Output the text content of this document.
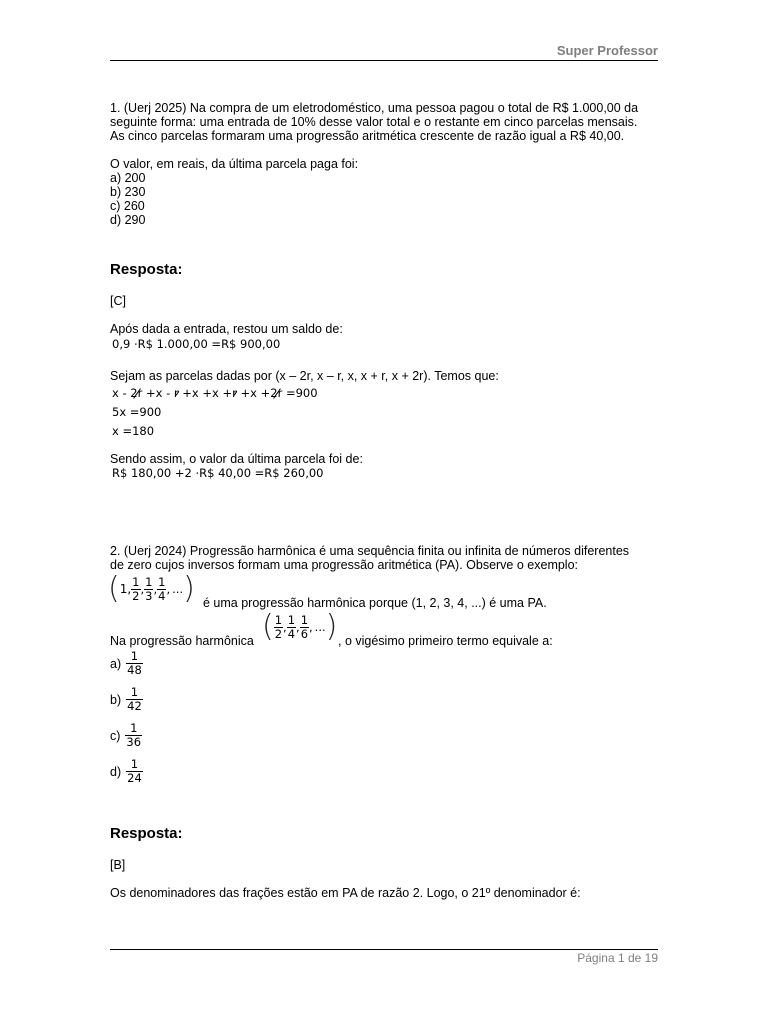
Super Professor
1. (Uerj 2025) Na compra de um eletrodoméstico, uma pessoa pagou o total de R$ 1.000,00 da
seguinte forma: uma entrada de 10% desse valor total e o restante em cinco parcelas mensais.
As cinco parcelas formaram uma progressão aritmética crescente de razão igual a R$ 40,00.
O valor, em reais, da última parcela paga foi:
a) 200
b) 230
c) 260
d) 290
Resposta:
[C]
Após dada a entrada, restou um saldo de:
0,9 ⋅R$ 1.000,00 =R$ 900,00
Sejam as parcelas dadas por (x – 2r, x – r, x, x + r, x + 2r). Temos que:
x - 2r +x - r +x +x +r +x +2r =900
5x =900
x =180
Sendo assim, o valor da última parcela foi de:
R$ 180,00 +2 ⋅R$ 40,00 =R$ 260,00
2. (Uerj 2024) Progressão harmônica é uma sequência finita ou infinita de números diferentes
de zero cujos inversos formam uma progressão aritmética (PA). Observe o exemplo:
( 1, $\frac{1}{2}$ , $\frac{1}{3}$ , $\frac{1}{4}$ , ... ) é uma progressão harmônica porque (1, 2, 3, 4, ...) é uma PA.
Na progressão harmônica ( $\frac{1}{2}$ , $\frac{1}{4}$ , $\frac{1}{6}$ , ... ) , o vigésimo primeiro termo equivale a:
$a) \frac{1}{48}$
$b) \frac{1}{42}$
$c) \frac{1}{36}$
$d) \frac{1}{24}$
Resposta:
[B]
Os denominadores das frações estão em PA de razão 2. Logo, o 21º denominador é:
Página 1 de 19
